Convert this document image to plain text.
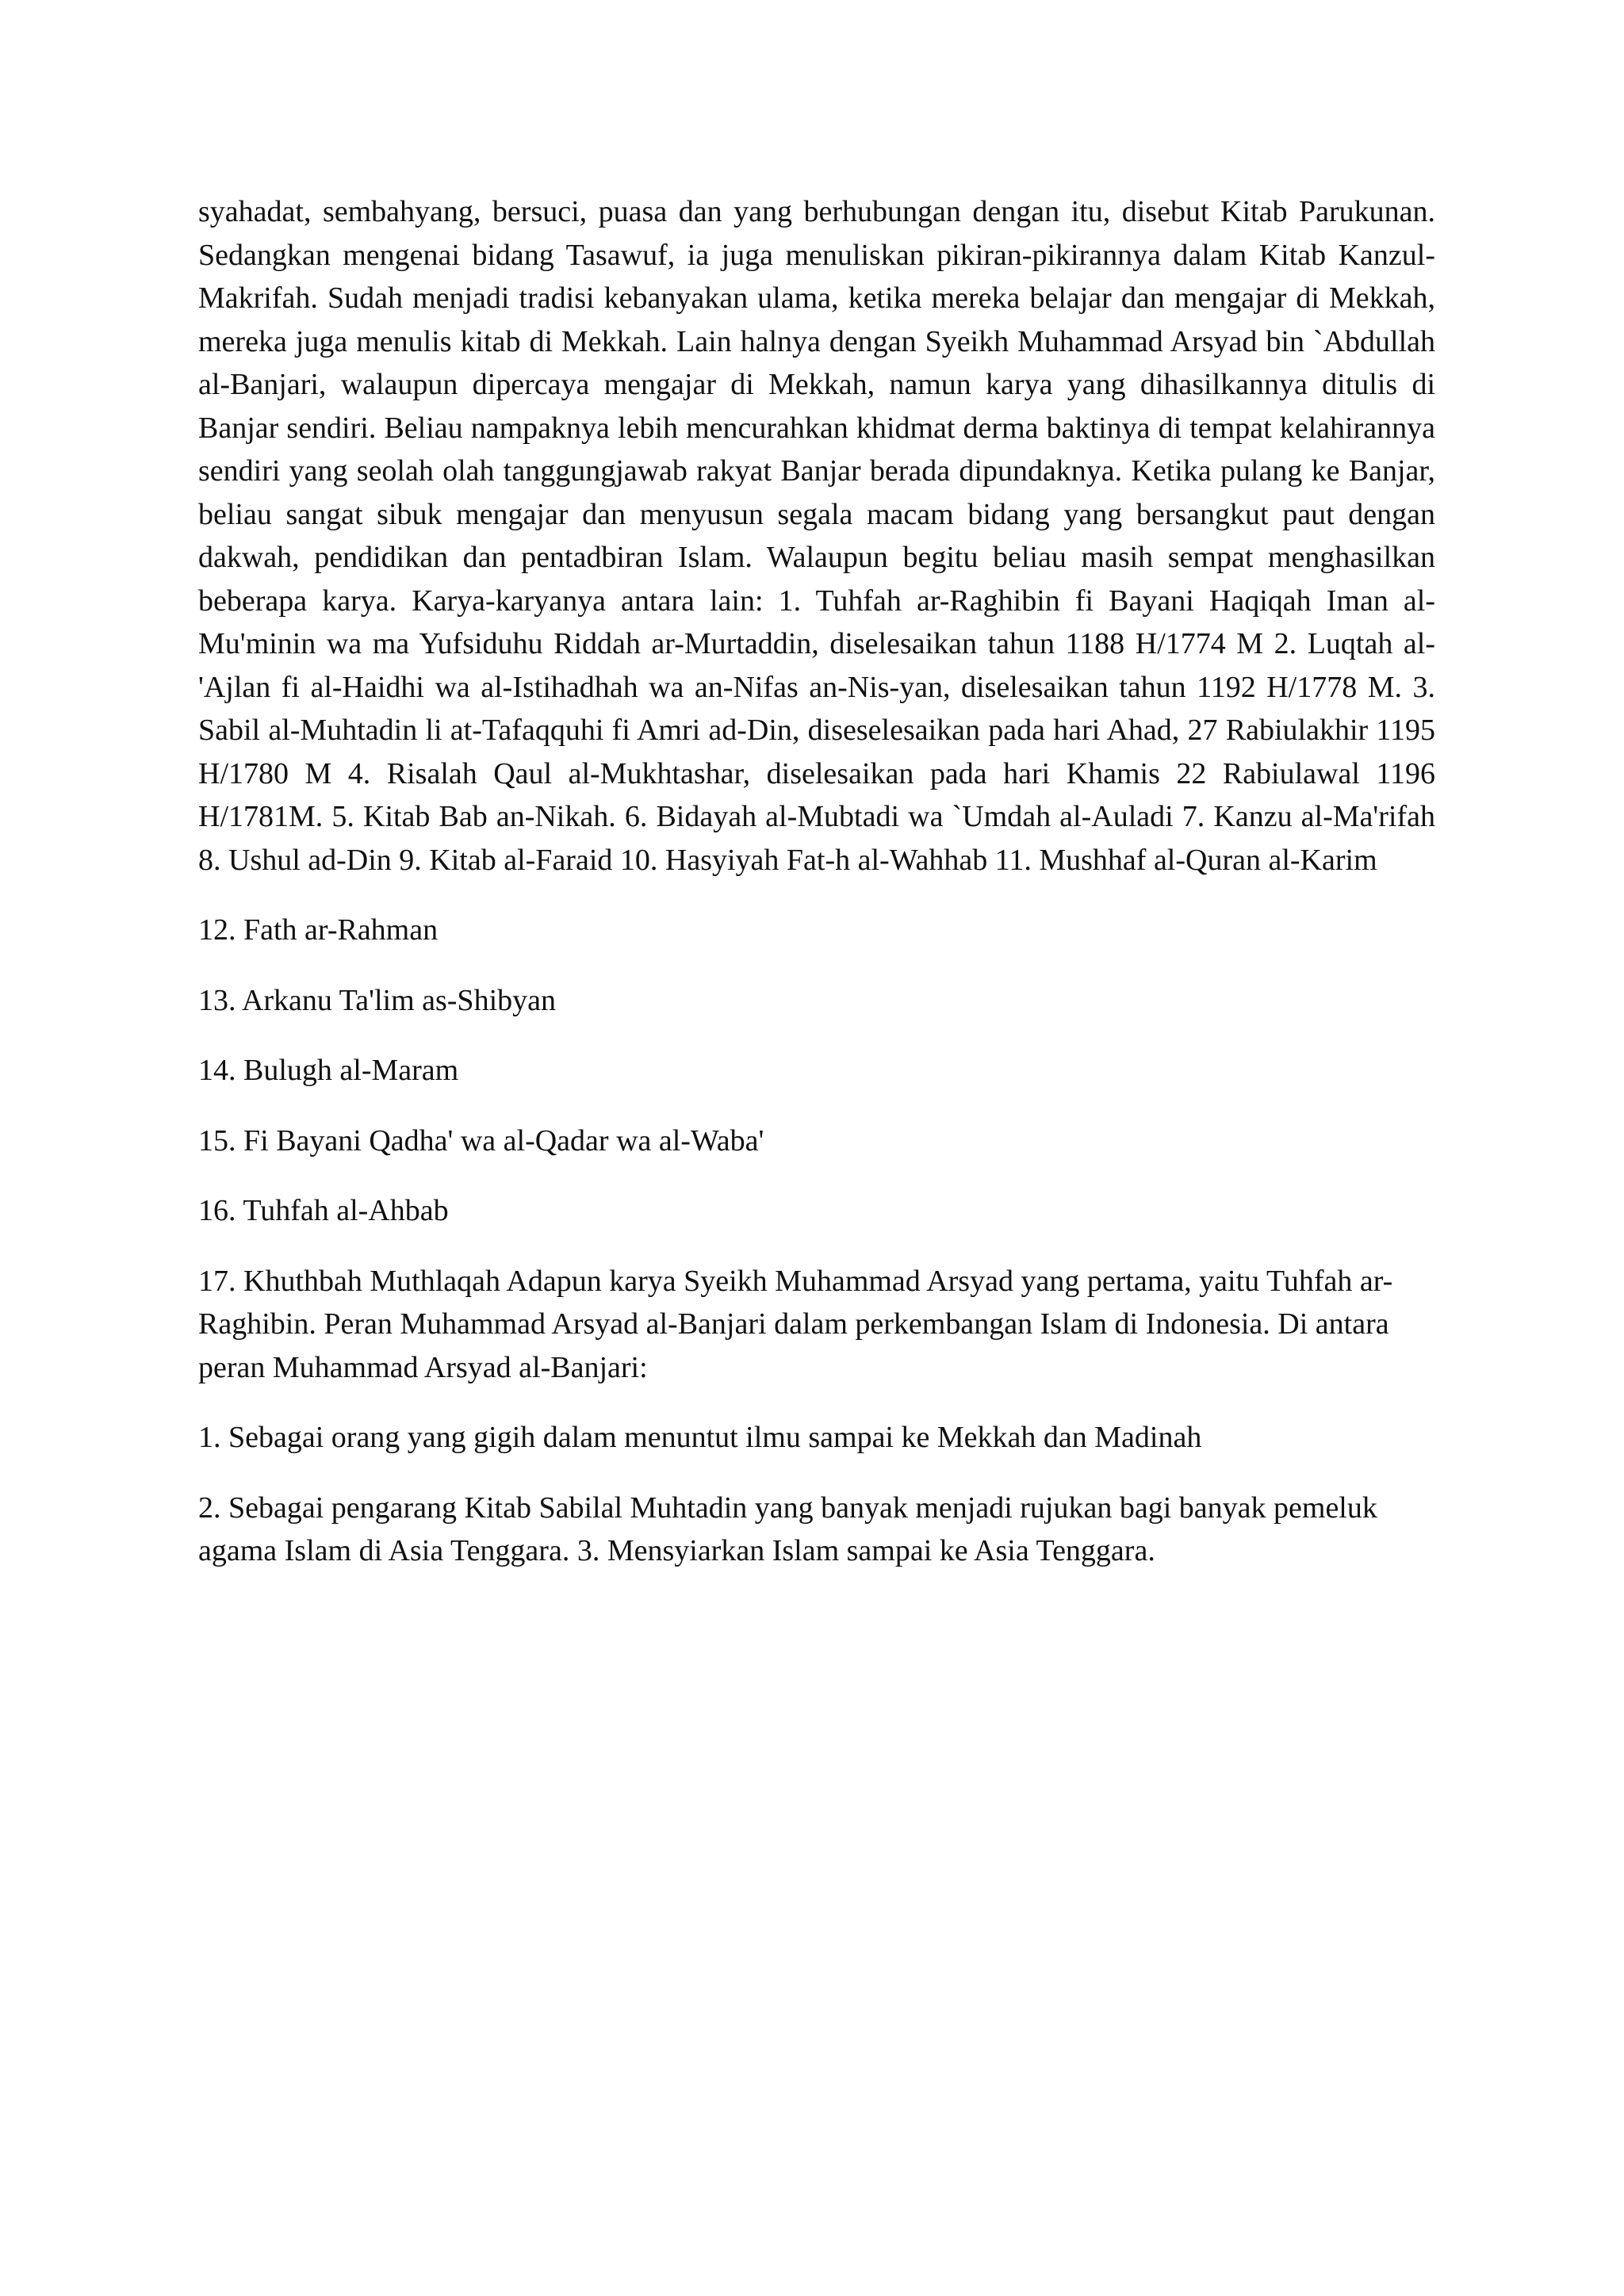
syahadat, sembahyang, bersuci, puasa dan yang berhubungan dengan itu, disebut Kitab Parukunan. Sedangkan mengenai bidang Tasawuf, ia juga menuliskan pikiran-pikirannya dalam Kitab Kanzul-Makrifah. Sudah menjadi tradisi kebanyakan ulama, ketika mereka belajar dan mengajar di Mekkah, mereka juga menulis kitab di Mekkah. Lain halnya dengan Syeikh Muhammad Arsyad bin `Abdullah al-Banjari, walaupun dipercaya mengajar di Mekkah, namun karya yang dihasilkannya ditulis di Banjar sendiri. Beliau nampaknya lebih mencurahkan khidmat derma baktinya di tempat kelahirannya sendiri yang seolah olah tanggungjawab rakyat Banjar berada dipundaknya. Ketika pulang ke Banjar, beliau sangat sibuk mengajar dan menyusun segala macam bidang yang bersangkut paut dengan dakwah, pendidikan dan pentadbiran Islam. Walaupun begitu beliau masih sempat menghasilkan beberapa karya. Karya-karyanya antara lain: 1. Tuhfah ar-Raghibin fi Bayani Haqiqah Iman al-Mu'minin wa ma Yufsiduhu Riddah ar-Murtaddin, diselesaikan tahun 1188 H/1774 M 2. Luqtah al-'Ajlan fi al-Haidhi wa al-Istihadhah wa an-Nifas an-Nis-yan, diselesaikan tahun 1192 H/1778 M. 3. Sabil al-Muhtadin li at-Tafaqquhi fi Amri ad-Din, diseselesaikan pada hari Ahad, 27 Rabiulakhir 1195 H/1780 M 4. Risalah Qaul al-Mukhtashar, diselesaikan pada hari Khamis 22 Rabiulawal 1196 H/1781M. 5. Kitab Bab an-Nikah. 6. Bidayah al-Mubtadi wa `Umdah al-Auladi 7. Kanzu al-Ma'rifah 8. Ushul ad-Din 9. Kitab al-Faraid 10. Hasyiyah Fat-h al-Wahhab 11. Mushhaf al-Quran al-Karim

12. Fath ar-Rahman

13. Arkanu Ta'lim as-Shibyan

14. Bulugh al-Maram

15. Fi Bayani Qadha' wa al-Qadar wa al-Waba'

16. Tuhfah al-Ahbab

17. Khuthbah Muthlaqah Adapun karya Syeikh Muhammad Arsyad yang pertama, yaitu Tuhfah ar-Raghibin. Peran Muhammad Arsyad al-Banjari dalam perkembangan Islam di Indonesia. Di antara peran Muhammad Arsyad al-Banjari:

1. Sebagai orang yang gigih dalam menuntut ilmu sampai ke Mekkah dan Madinah

2. Sebagai pengarang Kitab Sabilal Muhtadin yang banyak menjadi rujukan bagi banyak pemeluk agama Islam di Asia Tenggara. 3. Mensyiarkan Islam sampai ke Asia Tenggara.
